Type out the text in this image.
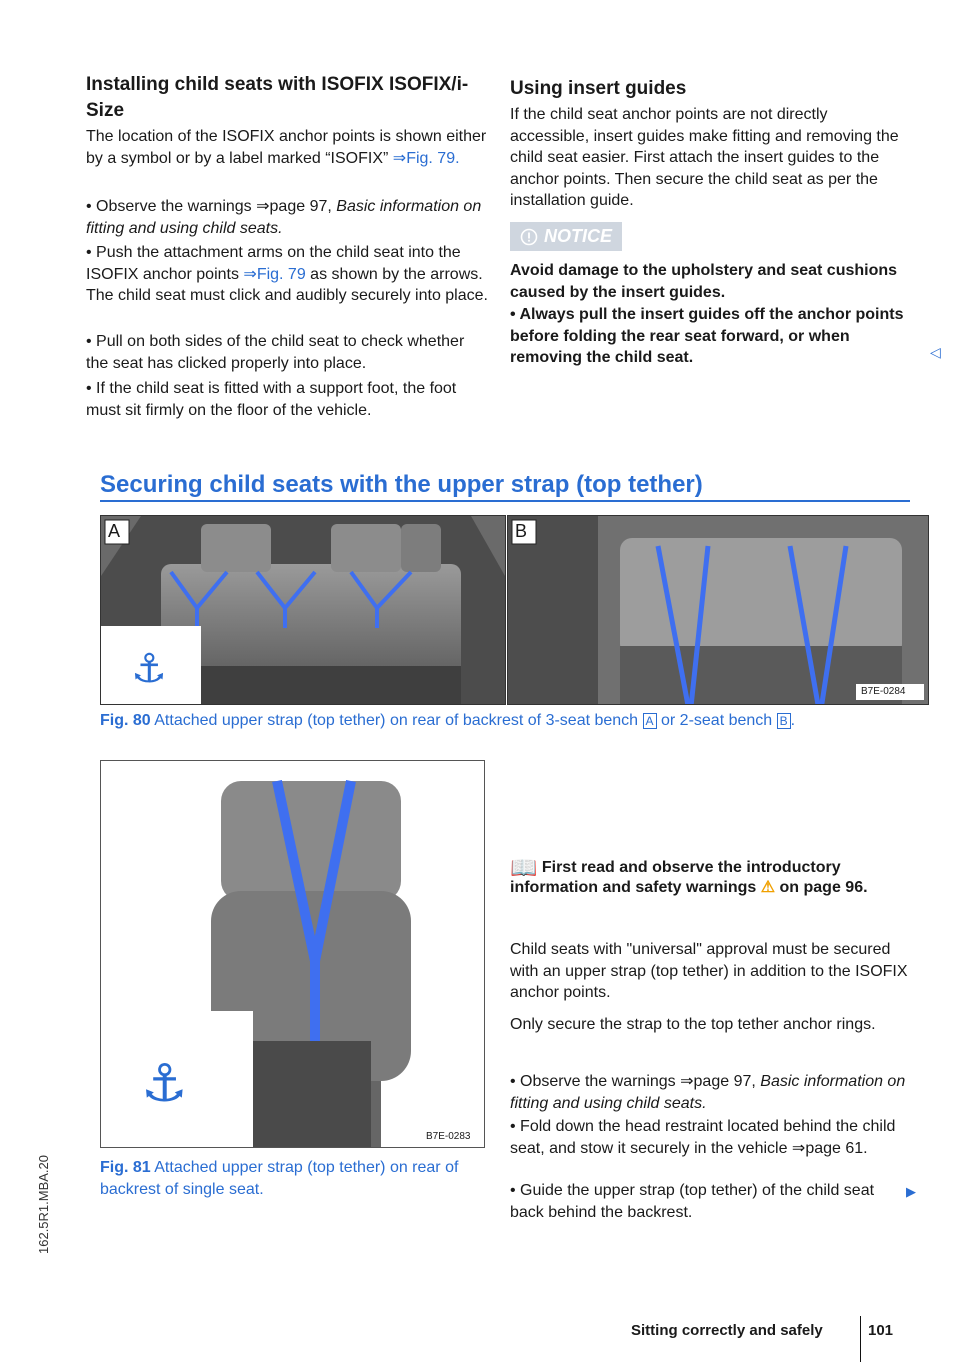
Installing child seats with ISOFIX ISOFIX/i-Size

The location of the ISOFIX anchor points is shown either by a symbol or by a label marked “ISOFIX” ⇒Fig. 79.

• Observe the warnings ⇒page 97, Basic information on fitting and using child seats.

• Push the attachment arms on the child seat into the ISOFIX anchor points ⇒Fig. 79 as shown by the arrows. The child seat must click and audibly securely into place.

• Pull on both sides of the child seat to check whether the seat has clicked properly into place.

• If the child seat is fitted with a support foot, the foot must sit firmly on the floor of the vehicle.

Using insert guides

If the child seat anchor points are not directly accessible, insert guides make fitting and removing the child seat easier. First attach the insert guides to the anchor points. Then secure the child seat as per the installation guide.

NOTICE

Avoid damage to the upholstery and seat cushions caused by the insert guides.

• Always pull the insert guides off the anchor points before folding the rear seat forward, or when removing the child seat.	◁
Securing child seats with the upper strap (top tether)
⚓
A	B
B7E-0284
Fig. 80 Attached upper strap (top tether) on rear of backrest of 3-seat bench A or 2-seat bench B .
⚓
B7E-0283
Fig. 81 Attached upper strap (top tether) on rear of backrest of single seat.
📖 First read and observe the introductory information and safety warnings ⚠ on page 96.

Child seats with "universal" approval must be secured with an upper strap (top tether) in addition to the ISOFIX anchor points.

Only secure the strap to the top tether anchor rings.

• Observe the warnings ⇒page 97, Basic information on fitting and using child seats.

• Fold down the head restraint located behind the child seat, and stow it securely in the vehicle ⇒page 61.

• Guide the upper strap (top tether) of the child seat back behind the backrest.

▶
Sitting correctly and safely	101
162.5R1.MBA.20
